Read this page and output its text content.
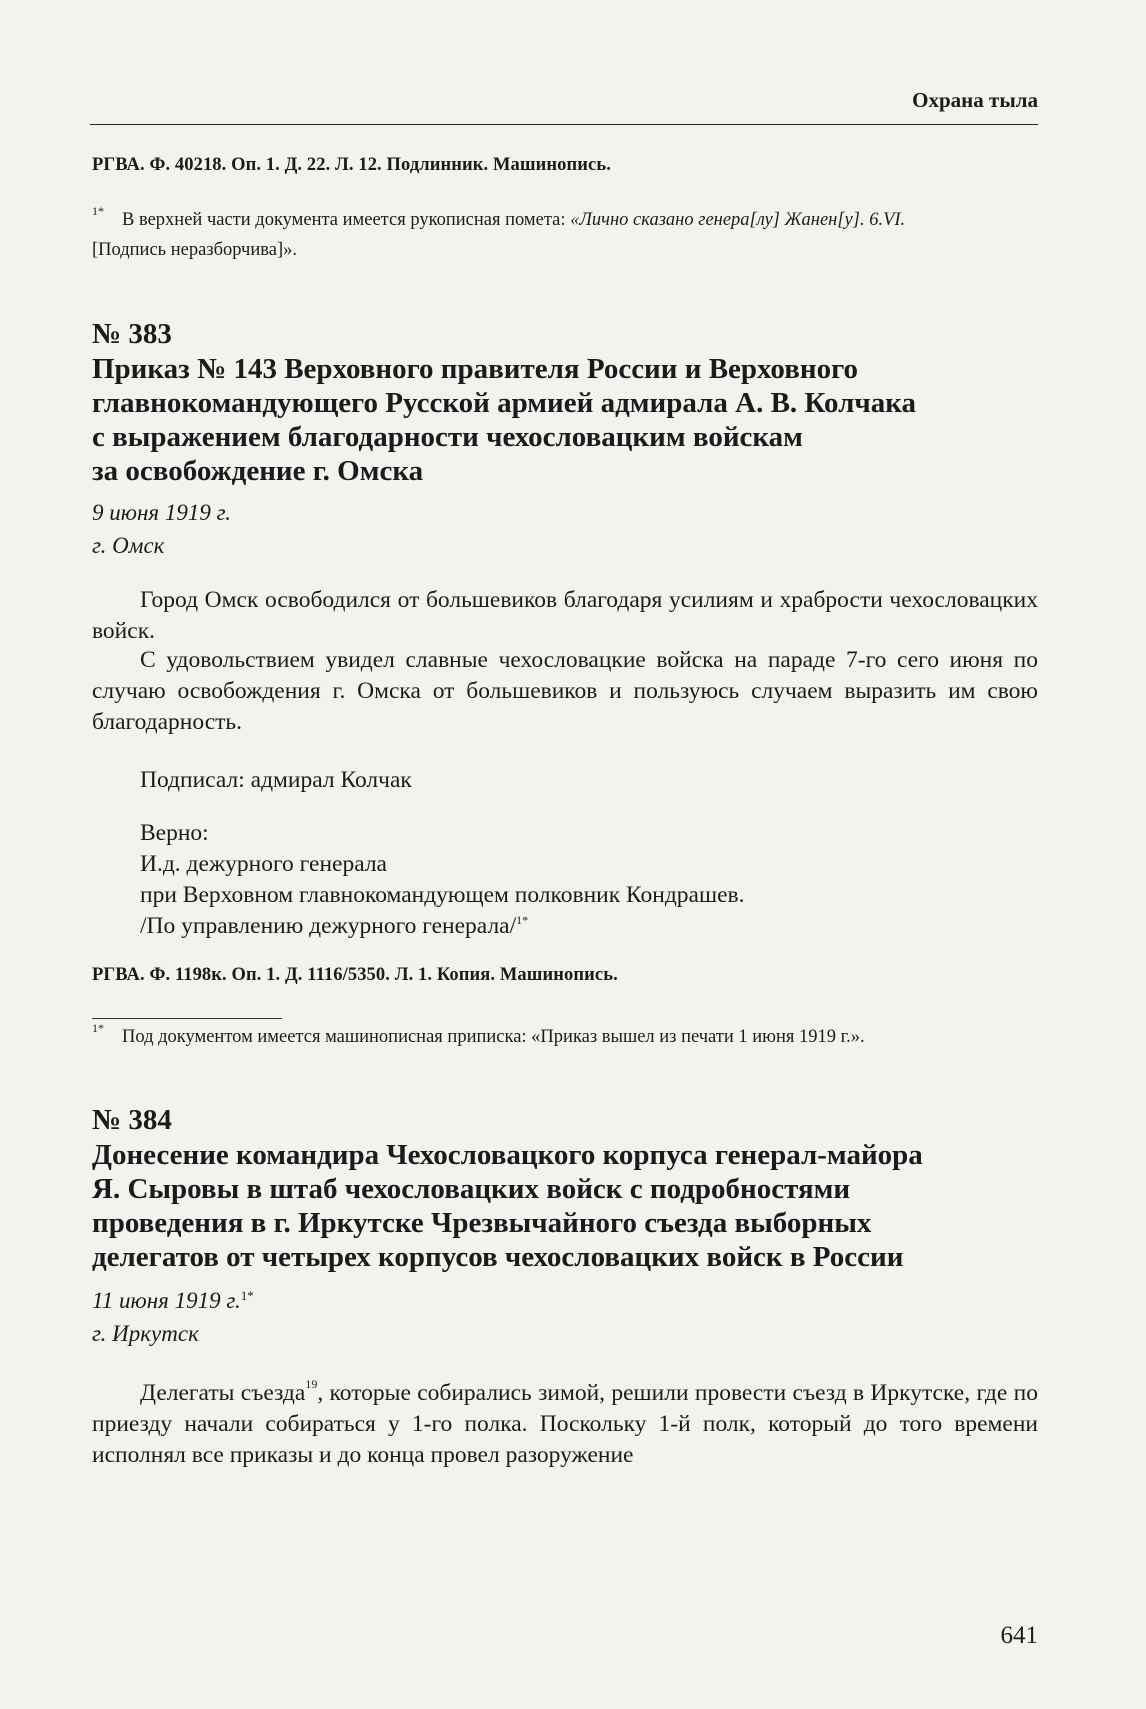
Охрана тыла
РГВА. Ф. 40218. Оп. 1. Д. 22. Л. 12. Подлинник. Машинопись.
$^{1*}$ В верхней части документа имеется рукописная помета: «Лично сказано генера[лу] Жанен[у]. 6.VI.
[Подпись неразборчива]».
№ 383
Приказ № 143 Верховного правителя России и Верховного
главнокомандующего Русской армией адмирала А. В. Колчака
с выражением благодарности чехословацким войскам
за освобождение г. Омска
9 июня 1919 г.
г. Омск
Город Омск освободился от большевиков благодаря усилиям и храбрости чехословацких войск.
С удовольствием увидел славные чехословацкие войска на параде 7-го сего июня по случаю освобождения г. Омска от большевиков и пользуюсь случаем выразить им свою благодарность.
Подписал: адмирал Колчак
Верно:
И.д. дежурного генерала
при Верховном главнокомандующем полковник Кондрашев.
/По управлению дежурного генерала/$^{1*}$
РГВА. Ф. 1198к. Оп. 1. Д. 1116/5350. Л. 1. Копия. Машинопись.
$^{1*}$ Под документом имеется машинописная приписка: «Приказ вышел из печати 1 июня 1919 г.».
№ 384
Донесение командира Чехословацкого корпуса генерал-майора
Я. Сыровы в штаб чехословацких войск с подробностями
проведения в г. Иркутске Чрезвычайного съезда выборных
делегатов от четырех корпусов чехословацких войск в России
11 июня 1919 г.$^{1*}$
г. Иркутск
Делегаты съезда$^{19}$, которые собирались зимой, решили провести съезд в Иркутске, где по приезду начали собираться у 1-го полка. Поскольку 1-й полк, который до того времени исполнял все приказы и до конца провел разоружение
641
